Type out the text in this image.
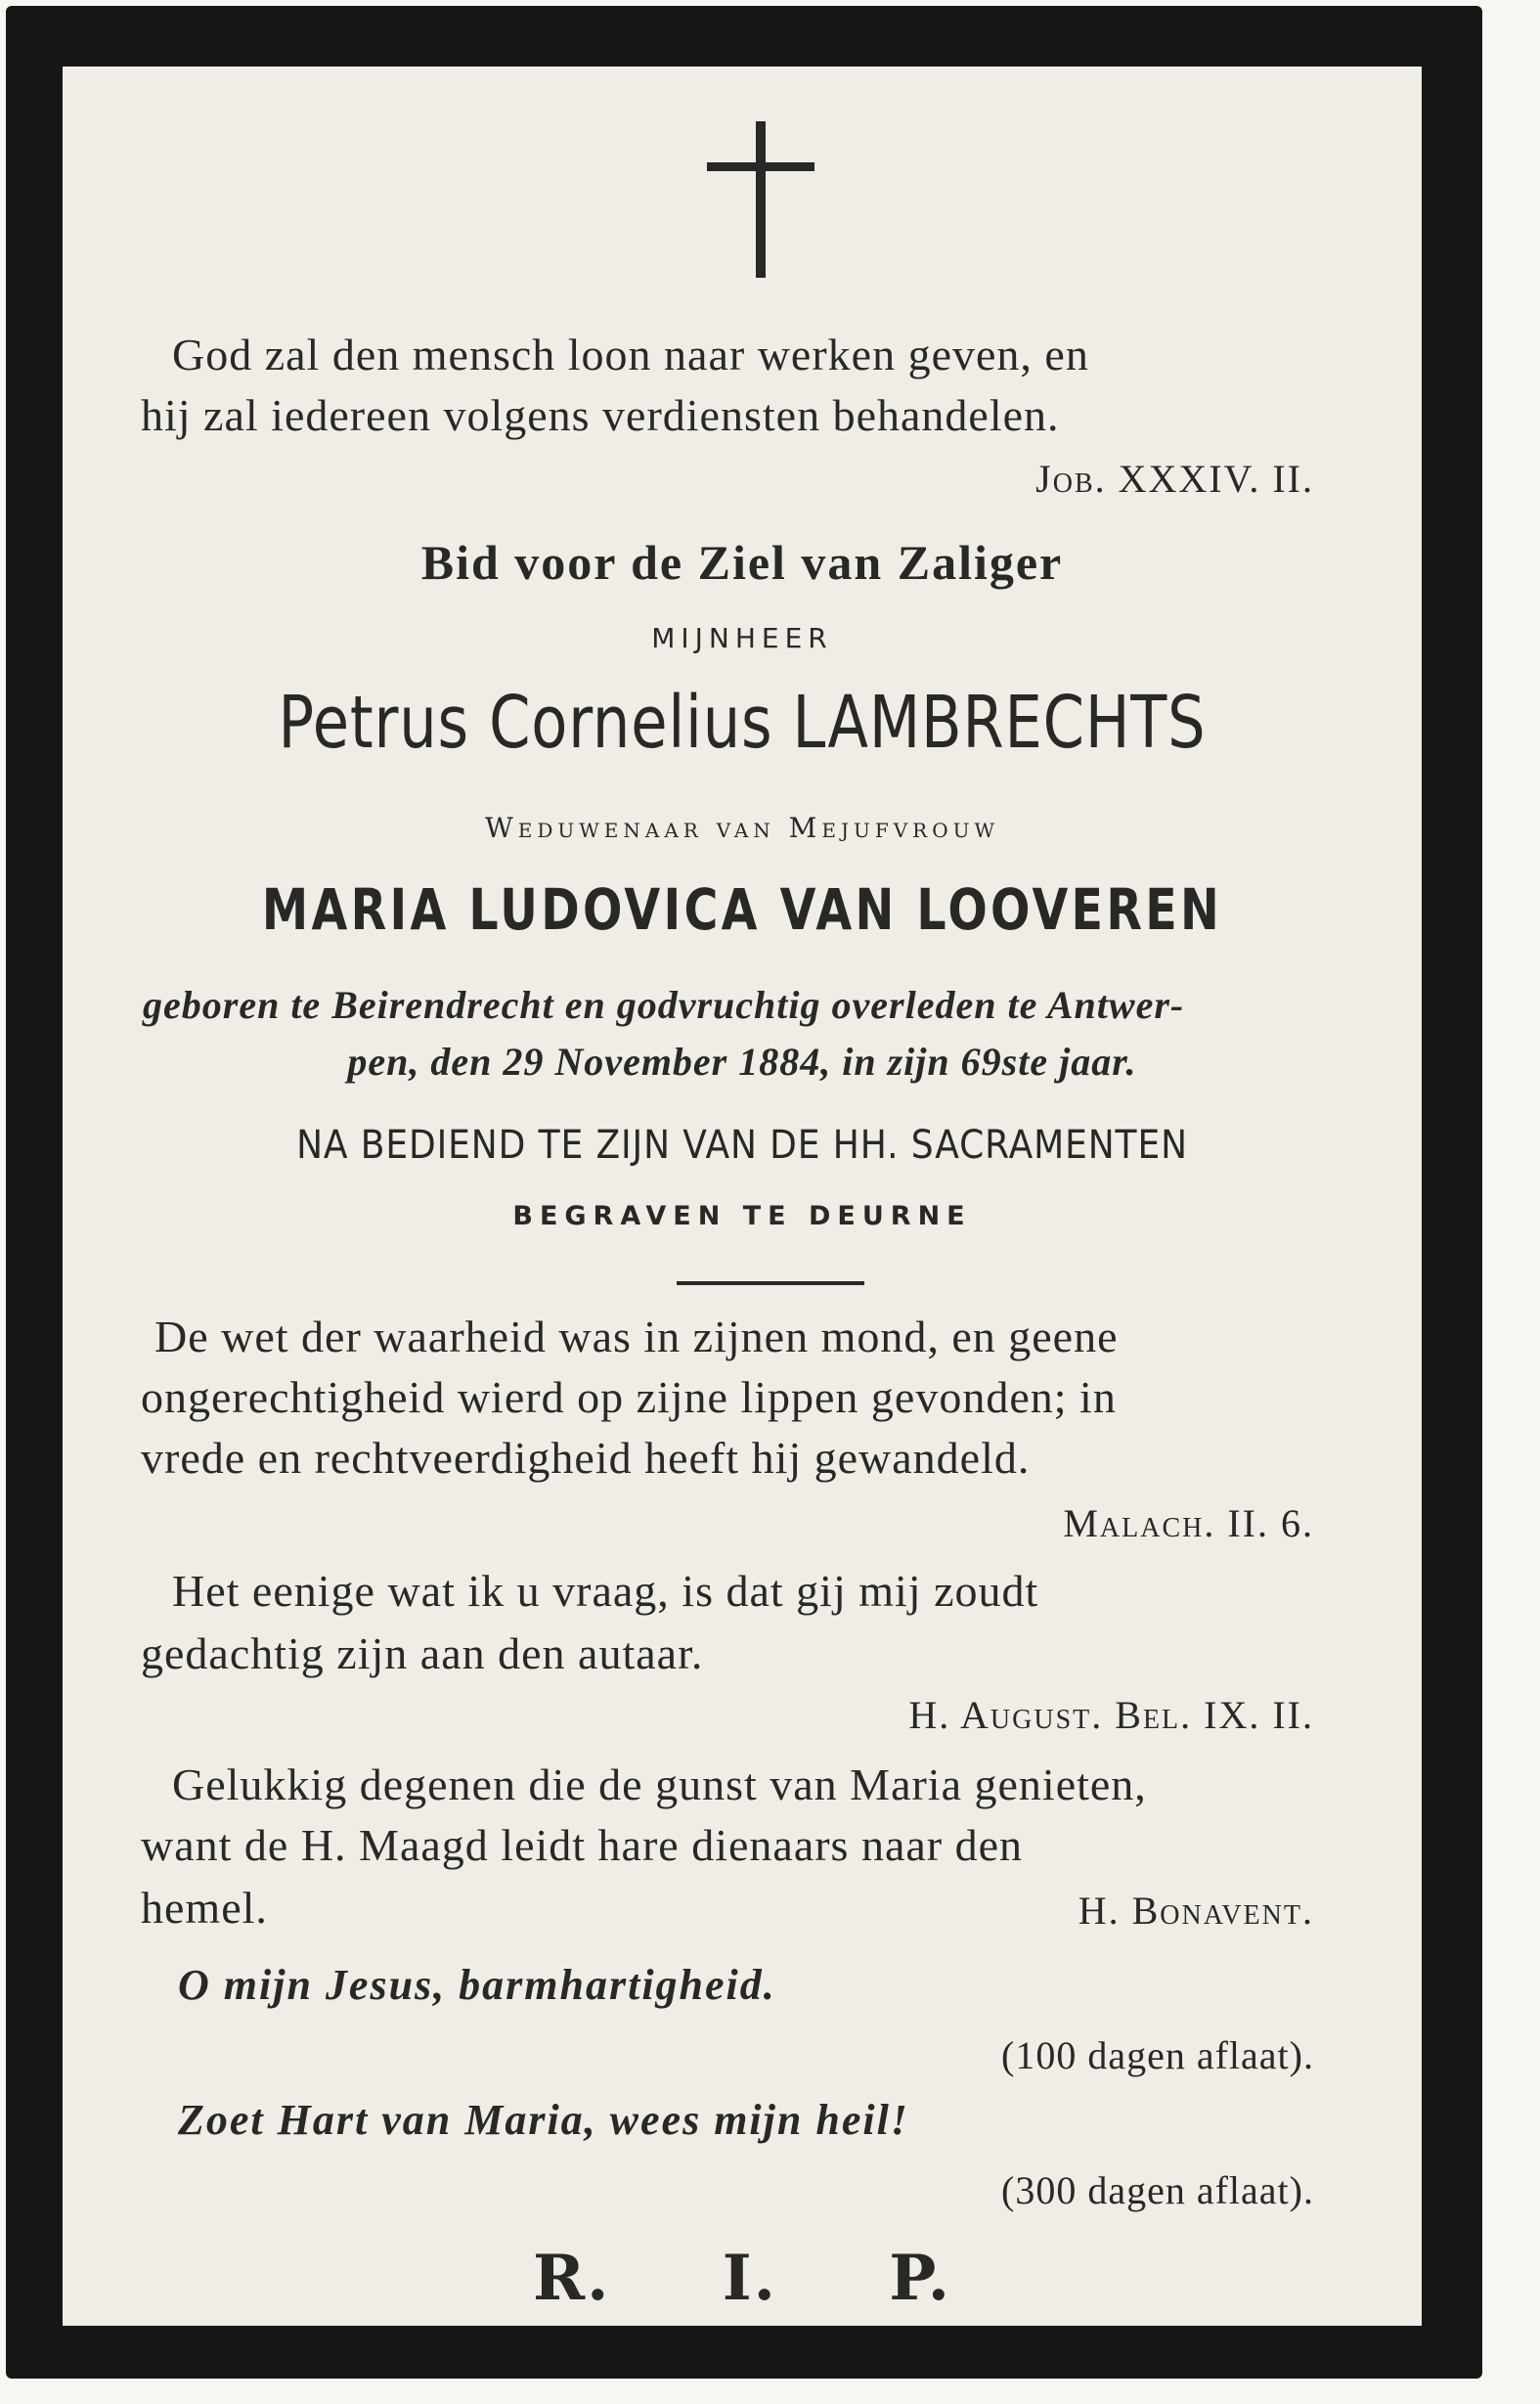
God zal den mensch loon naar werken geven, en
hij zal iedereen volgens verdiensten behandelen.
Job. XXXIV. II.
Bid voor de Ziel van Zaliger
MIJNHEER
Petrus Cornelius LAMBRECHTS
Weduwenaar van Mejufvrouw
MARIA LUDOVICA VAN LOOVEREN
geboren te Beirendrecht en godvruchtig overleden te Antwer-
pen, den 29 November 1884, in zijn 69ste jaar.
NA BEDIEND TE ZIJN VAN DE HH. SACRAMENTEN
BEGRAVEN TE DEURNE
De wet der waarheid was in zijnen mond, en geene
ongerechtigheid wierd op zijne lippen gevonden; in
vrede en rechtveerdigheid heeft hij gewandeld.
Malach. II. 6.
Het eenige wat ik u vraag, is dat gij mij zoudt
gedachtig zijn aan den autaar.
H. August. Bel. IX. II.
Gelukkig degenen die de gunst van Maria genieten,
want de H. Maagd leidt hare dienaars naar den
hemel.	H. Bonavent.
O mijn Jesus, barmhartigheid.
(100 dagen aflaat).
Zoet Hart van Maria, wees mijn heil!
(300 dagen aflaat).
R. I. P.
